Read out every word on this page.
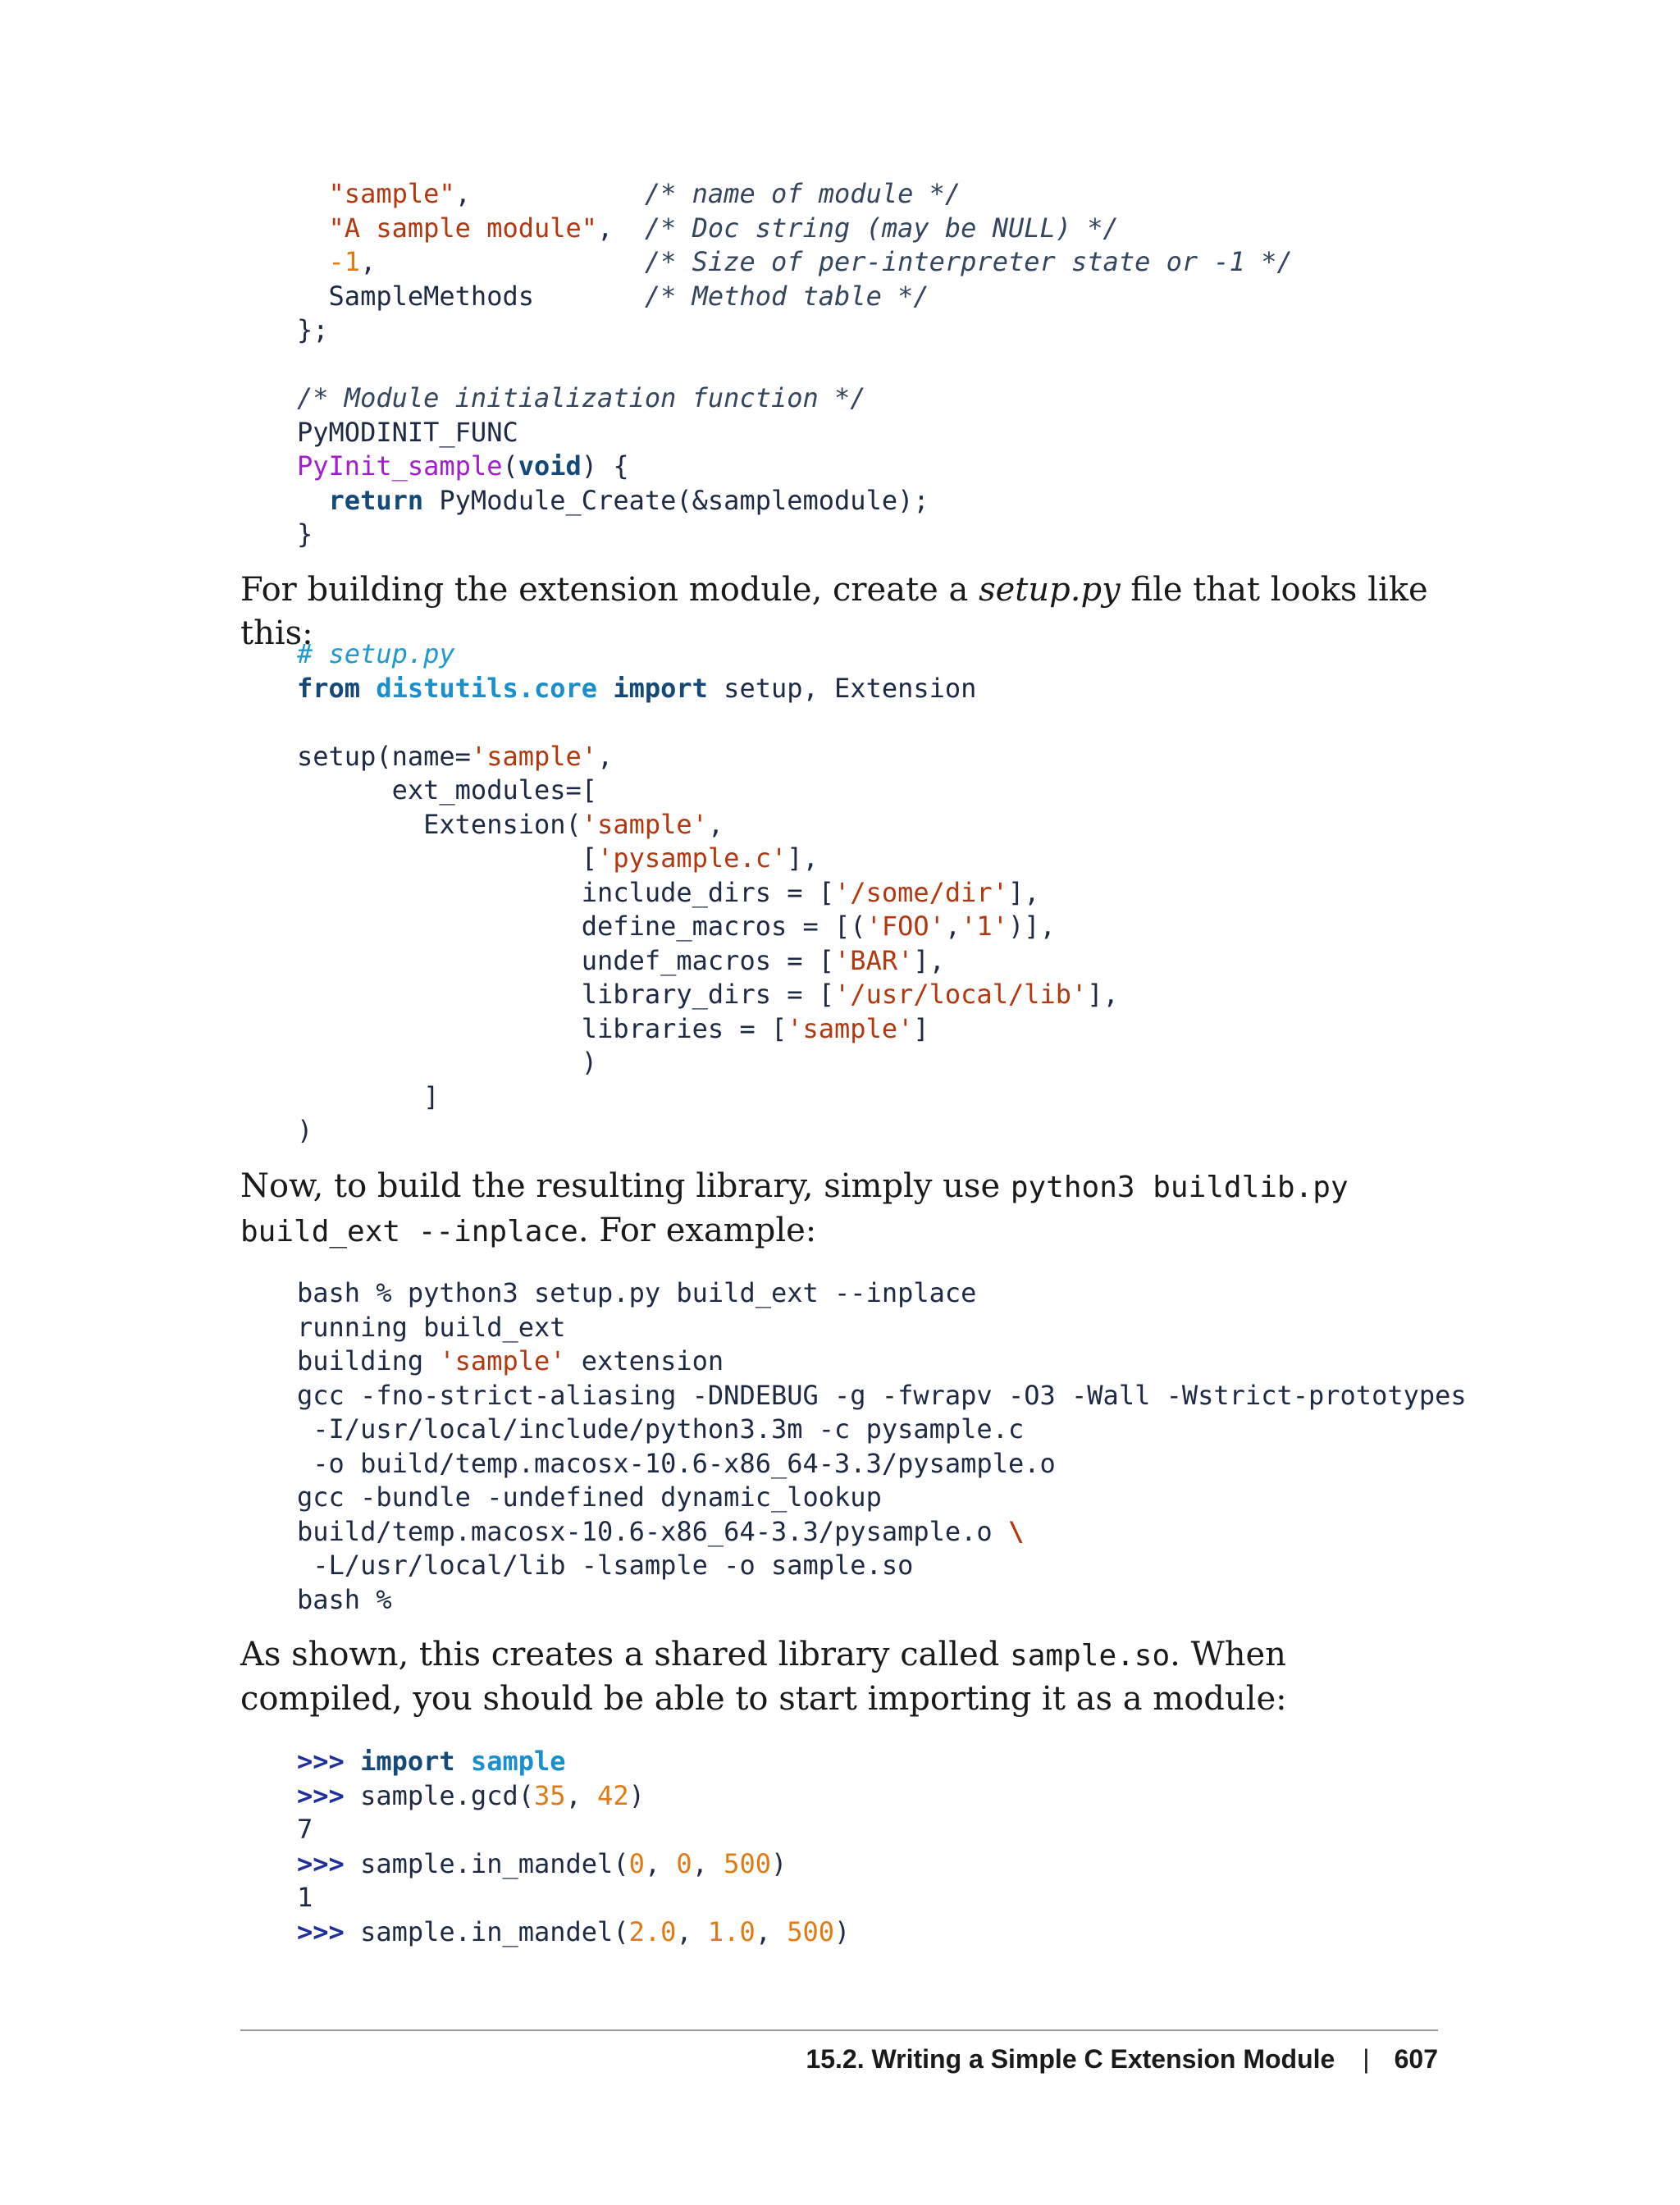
"sample",           /* name of module */
"A sample module",  /* Doc string (may be NULL) */
-1,                 /* Size of per-interpreter state or -1 */
SampleMethods	/* Method table */
};

/* Module initialization function */
PyMODINIT_FUNC
PyInit_sample(void) {
return PyModule_Create(&samplemodule);
}

For building the extension module, create a setup.py file that looks like this:

# setup.py
from distutils.core import setup, Extension

setup(name='sample',
ext_modules=[
Extension('sample',
['pysample.c'],
include_dirs = ['/some/dir'],
define_macros = [('FOO','1')],
undef_macros = ['BAR'],
library_dirs = ['/usr/local/lib'],
libraries = ['sample']
)
]
)

Now, to build the resulting library, simply use python3 buildlib.py build_ext --inplace. For example:

bash % python3 setup.py build_ext --inplace
running build_ext
building 'sample' extension
gcc -fno-strict-aliasing -DNDEBUG -g -fwrapv -O3 -Wall -Wstrict-prototypes
-I/usr/local/include/python3.3m -c pysample.c
-o build/temp.macosx-10.6-x86_64-3.3/pysample.o
gcc -bundle -undefined dynamic_lookup
build/temp.macosx-10.6-x86_64-3.3/pysample.o \
-L/usr/local/lib -lsample -o sample.so
bash %

As shown, this creates a shared library called sample.so. When compiled, you should be able to start importing it as a module:

>>> import sample
>>> sample.gcd(35, 42)
7
>>> sample.in_mandel(0, 0, 500)
1
>>> sample.in_mandel(2.0, 1.0, 500)
15.2. Writing a Simple C Extension Module | 607
